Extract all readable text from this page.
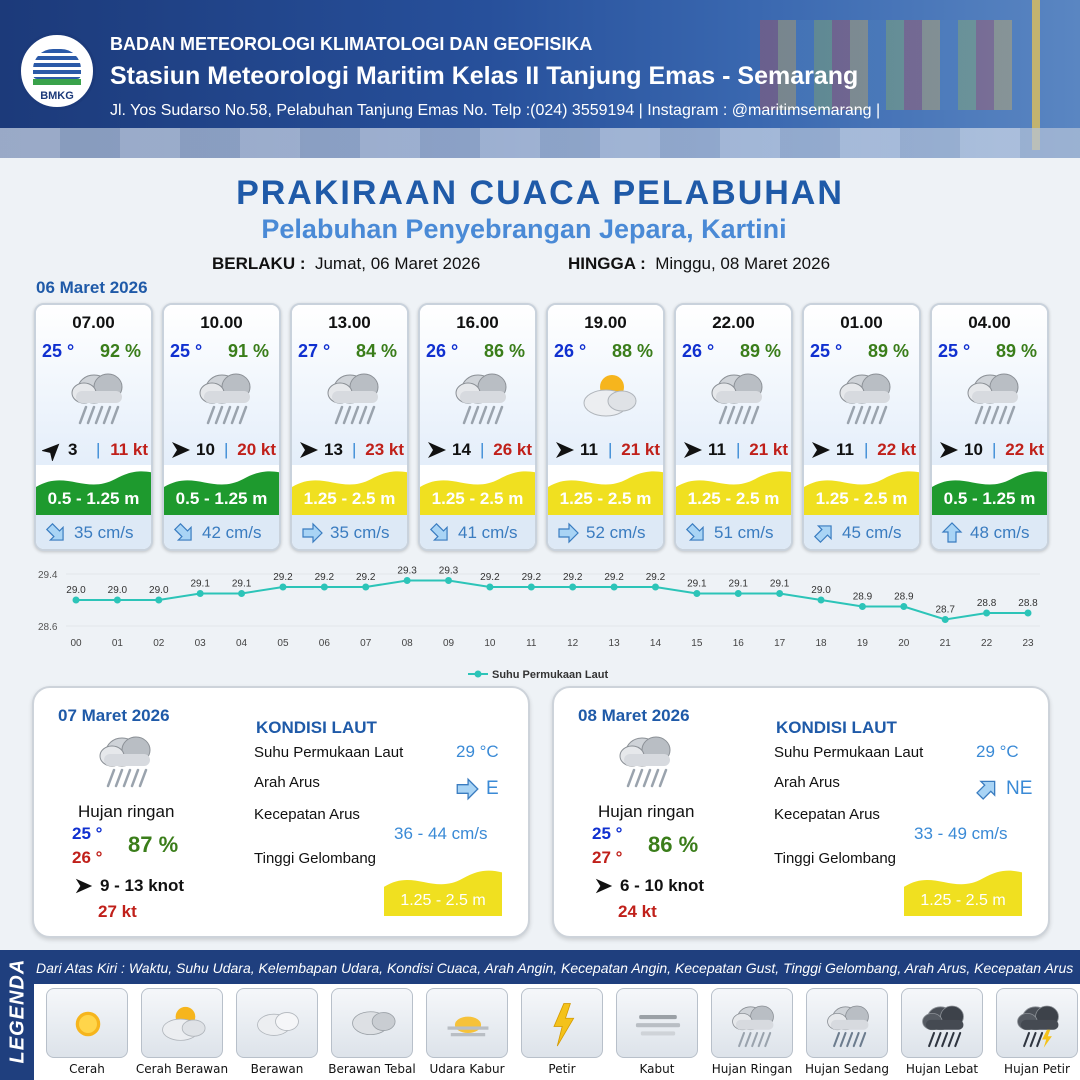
BMKG
BADAN METEOROLOGI KLIMATOLOGI DAN GEOFISIKA
Stasiun Meteorologi Maritim Kelas II Tanjung Emas - Semarang
Jl. Yos Sudarso No.58, Pelabuhan Tanjung Emas No. Telp :(024) 3559194 | Instagram : @maritimsemarang |
PRAKIRAAN CUACA PELABUHAN
Pelabuhan Penyebrangan Jepara, Kartini
BERLAKU : Jumat, 06 Maret 2026	HINGGA : Minggu, 08 Maret 2026
06 Maret 2026
07.00
25 ° 92 %
3 | 11 kt
0.5 - 1.25 m
35 cm/s
10.00
25 ° 91 %
10 | 20 kt
0.5 - 1.25 m
42 cm/s
13.00
27 ° 84 %
13 | 23 kt
1.25 - 2.5 m
35 cm/s
16.00
26 ° 86 %
14 | 26 kt
1.25 - 2.5 m
41 cm/s
19.00
26 ° 88 %
11 | 21 kt
1.25 - 2.5 m
52 cm/s
22.00
26 ° 89 %
11 | 21 kt
1.25 - 2.5 m
51 cm/s
01.00
25 ° 89 %
11 | 22 kt
1.25 - 2.5 m
45 cm/s
04.00
25 ° 89 %
10 | 22 kt
0.5 - 1.25 m
48 cm/s
29.4
28.6
29.0
00
29.0
01
29.0
02
29.1
03
29.1
04
29.2
05
29.2
06
29.2
07
29.3
08
29.3
09
29.2
10
29.2
11
29.2
12
29.2
13
29.2
14
29.1
15
29.1
16
29.1
17
29.0
18
28.9
19
28.9
20
28.7
21
28.8
22
28.8
23
Suhu Permukaan Laut
07 Maret 2026
Hujan ringan
25 °
26 °
87 %
9 - 13 knot
27 kt
KONDISI LAUT
Suhu Permukaan Laut	29 °C
Arah Arus	E
Kecepatan Arus
36 - 44 cm/s
Tinggi Gelombang
1.25 - 2.5 m
08 Maret 2026
Hujan ringan
25 °
27 °
86 %
6 - 10 knot
24 kt
KONDISI LAUT
Suhu Permukaan Laut	29 °C
Arah Arus	NE
Kecepatan Arus
33 - 49 cm/s
Tinggi Gelombang
1.25 - 2.5 m
LEGENDA Dari Atas Kiri : Waktu, Suhu Udara, Kelembapan Udara, Kondisi Cuaca, Arah Angin, Kecepatan Angin, Kecepatan Gust, Tinggi Gelombang, Arah Arus, Kecepatan Arus
Cerah	Cerah Berawan	Berawan	Berawan Tebal	Udara Kabur	Petir	Kabut	Hujan Ringan	Hujan Sedang	Hujan Lebat	Hujan Petir
